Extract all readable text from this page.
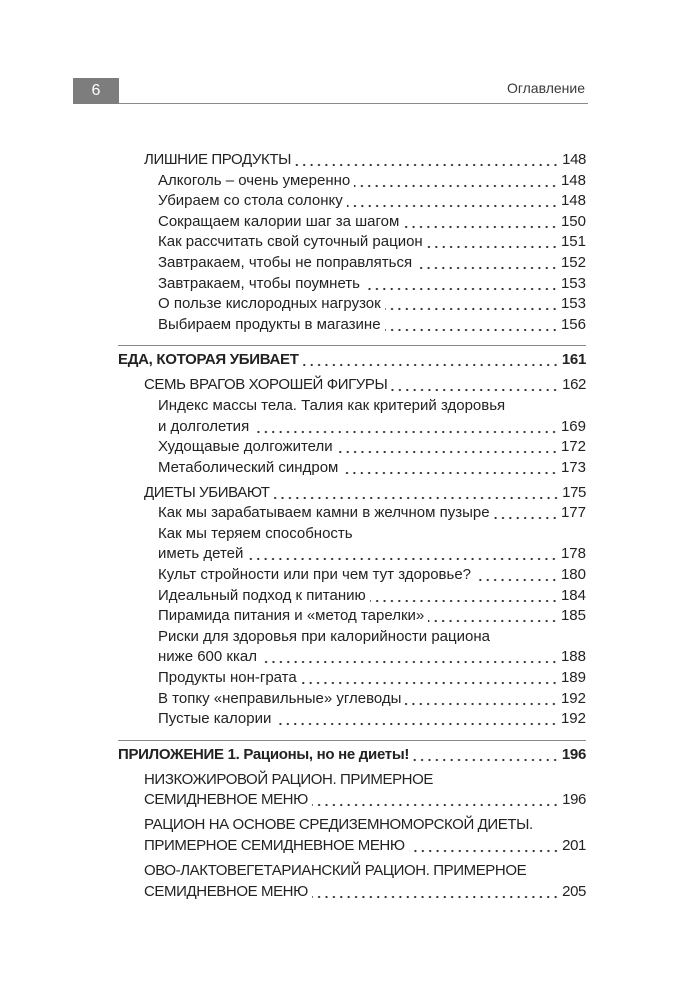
6	Оглавление
ЛИШНИЕ ПРОДУКТЫ	148
Алкоголь – очень умеренно	148
Убираем со стола солонку	148
Сокращаем калории шаг за шагом	150
Как рассчитать свой суточный рацион	151
Завтракаем, чтобы не поправляться	152
Завтракаем, чтобы поумнеть	153
О пользе кислородных нагрузок	153
Выбираем продукты в магазине	156
ЕДА, КОТОРАЯ УБИВАЕТ	161
СЕМЬ ВРАГОВ ХОРОШЕЙ ФИГУРЫ	162
Индекс массы тела. Талия как критерий здоровья
и долголетия	169
Худощавые долгожители	172
Метаболический синдром	173
ДИЕТЫ УБИВАЮТ	175
Как мы зарабатываем камни в желчном пузыре	177
Как мы теряем способность
иметь детей	178
Культ стройности или при чем тут здоровье?	180
Идеальный подход к питанию	184
Пирамида питания и «метод тарелки»	185
Риски для здоровья при калорийности рациона
ниже 600 ккал	188
Продукты нон-грата	189
В топку «неправильные» углеводы	192
Пустые калории	192
ПРИЛОЖЕНИЕ 1. Рационы, но не диеты!	196
НИЗКОЖИРОВОЙ РАЦИОН. ПРИМЕРНОЕ
СЕМИДНЕВНОЕ МЕНЮ	196
РАЦИОН НА ОСНОВЕ СРЕДИЗЕМНОМОРСКОЙ ДИЕТЫ.
ПРИМЕРНОЕ СЕМИДНЕВНОЕ МЕНЮ	201
ОВО-ЛАКТОВЕГЕТАРИАНСКИЙ РАЦИОН. ПРИМЕРНОЕ
СЕМИДНЕВНОЕ МЕНЮ	205
